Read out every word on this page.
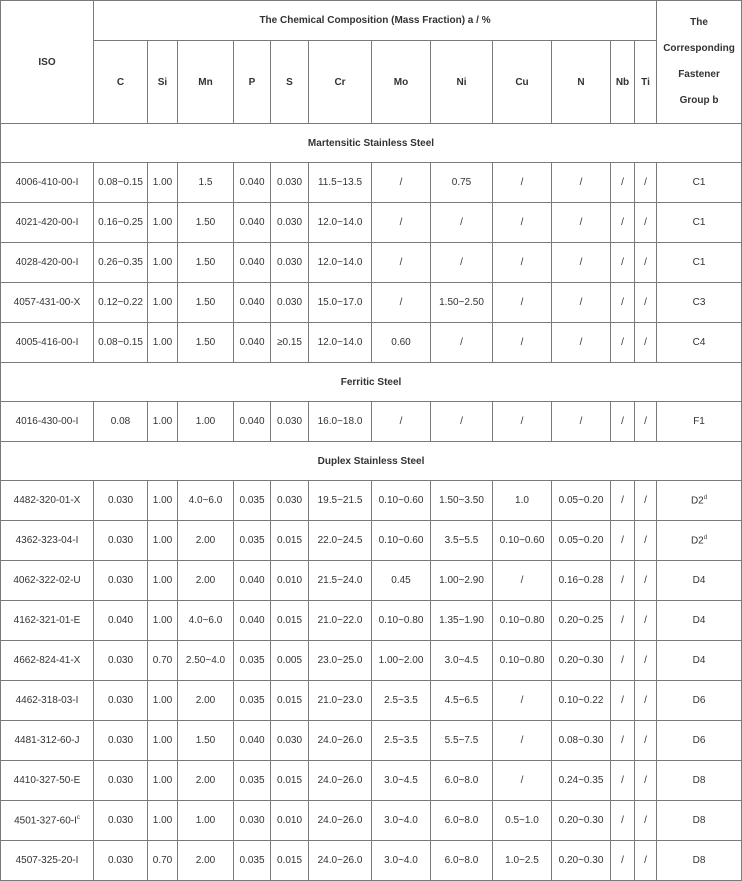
ISO	The Chemical Composition (Mass Fraction) a / %												The
Corresponding
Fastener
Group b

	C	Si	Mn	P	S	Cr	Mo	Ni	Cu	N	Nb	Ti	
Martensitic Stainless Steel													
4006-410-00-I	0.08~0.15	1.00	1.5	0.040	0.030	11.5~13.5	/	0.75	/	/	/	/	C1
4021-420-00-I	0.16~0.25	1.00	1.50	0.040	0.030	12.0~14.0	/	/	/	/	/	/	C1
4028-420-00-I	0.26~0.35	1.00	1.50	0.040	0.030	12.0~14.0	/	/	/	/	/	/	C1
4057-431-00-X	0.12~0.22	1.00	1.50	0.040	0.030	15.0~17.0	/	1.50~2.50	/	/	/	/	C3
4005-416-00-I	0.08~0.15	1.00	1.50	0.040	≥0.15	12.0~14.0	0.60	/	/	/	/	/	C4
Ferritic Steel													
4016-430-00-I	0.08	1.00	1.00	0.040	0.030	16.0~18.0	/	/	/	/	/	/	F1
Duplex Stainless Steel													
4482-320-01-X	0.030	1.00	4.0~6.0	0.035	0.030	19.5~21.5	0.10~0.60	1.50~3.50	1.0	0.05~0.20	/	/	D2$^d$
4362-323-04-I	0.030	1.00	2.00	0.035	0.015	22.0~24.5	0.10~0.60	3.5~5.5	0.10~0.60	0.05~0.20	/	/	D2$^d$
4062-322-02-U	0.030	1.00	2.00	0.040	0.010	21.5~24.0	0.45	1.00~2.90	/	0.16~0.28	/	/	D4
4162-321-01-E	0.040	1.00	4.0~6.0	0.040	0.015	21.0~22.0	0.10~0.80	1.35~1.90	0.10~0.80	0.20~0.25	/	/	D4
4662-824-41-X	0.030	0.70	2.50~4.0	0.035	0.005	23.0~25.0	1.00~2.00	3.0~4.5	0.10~0.80	0.20~0.30	/	/	D4
4462-318-03-I	0.030	1.00	2.00	0.035	0.015	21.0~23.0	2.5~3.5	4.5~6.5	/	0.10~0.22	/	/	D6
4481-312-60-J	0.030	1.00	1.50	0.040	0.030	24.0~26.0	2.5~3.5	5.5~7.5	/	0.08~0.30	/	/	D6
4410-327-50-E	0.030	1.00	2.00	0.035	0.015	24.0~26.0	3.0~4.5	6.0~8.0	/	0.24~0.35	/	/	D8
$4501-327-60-I^c$	0.030	1.00	1.00	0.030	0.010	24.0~26.0	3.0~4.0	6.0~8.0	0.5~1.0	0.20~0.30	/	/	D8
4507-325-20-I	0.030	0.70	2.00	0.035	0.015	24.0~26.0	3.0~4.0	6.0~8.0	1.0~2.5	0.20~0.30	/	/	D8
